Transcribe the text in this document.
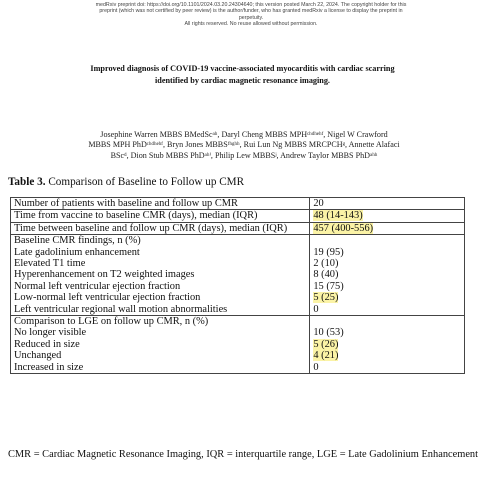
medRxiv preprint doi: https://doi.org/10.1101/2024.03.20.24304640; this version posted March 22, 2024. The copyright holder for this
preprint (which was not certified by peer review) is the author/funder, who has granted medRxiv a license to display the preprint in
perpetuity.
All rights reserved. No reuse allowed without permission.
Improved diagnosis of COVID-19 vaccine-associated myocarditis with cardiac scarring
identified by cardiac magnetic resonance imaging.
Josephine Warren MBBS BMedScᵃʰ, Daryl Cheng MBBS MPHᶜʰᵈʰᵉʰᶠ, Nigel W Crawford
MBBS MPH PhDᶜʰᵈʰᵉʰᶠ, Bryn Jones MBBSᶠʰᵍʰʰ, Rui Lun Ng MBBS MRCPCHᵍ, Annette Alafaci
BScᵈ, Dion Stub MBBS PhDᵃʰⁱ, Philip Lew MBBSʲ, Andrew Taylor MBBS PhDᵃʰʰ
Table 3. Comparison of Baseline to Follow up CMR
Number of patients with baseline and follow up CMR	20
Time from vaccine to baseline CMR (days), median (IQR)	48 (14-143)
Time between baseline and follow up CMR (days), median (IQR)	457 (400-556)
Baseline CMR findings, n (%)	
Late gadolinium enhancement	19 (95)
Elevated T1 time	2 (10)
Hyperenhancement on T2 weighted images	8 (40)
Normal left ventricular ejection fraction	15 (75)
Low-normal left ventricular ejection fraction	5 (25)
Left ventricular regional wall motion abnormalities	0
Comparison to LGE on follow up CMR, n (%)	
No longer visible	10 (53)
Reduced in size	5 (26)
Unchanged	4 (21)
Increased in size	0
CMR = Cardiac Magnetic Resonance Imaging, IQR = interquartile range, LGE = Late Gadolinium Enhancement
